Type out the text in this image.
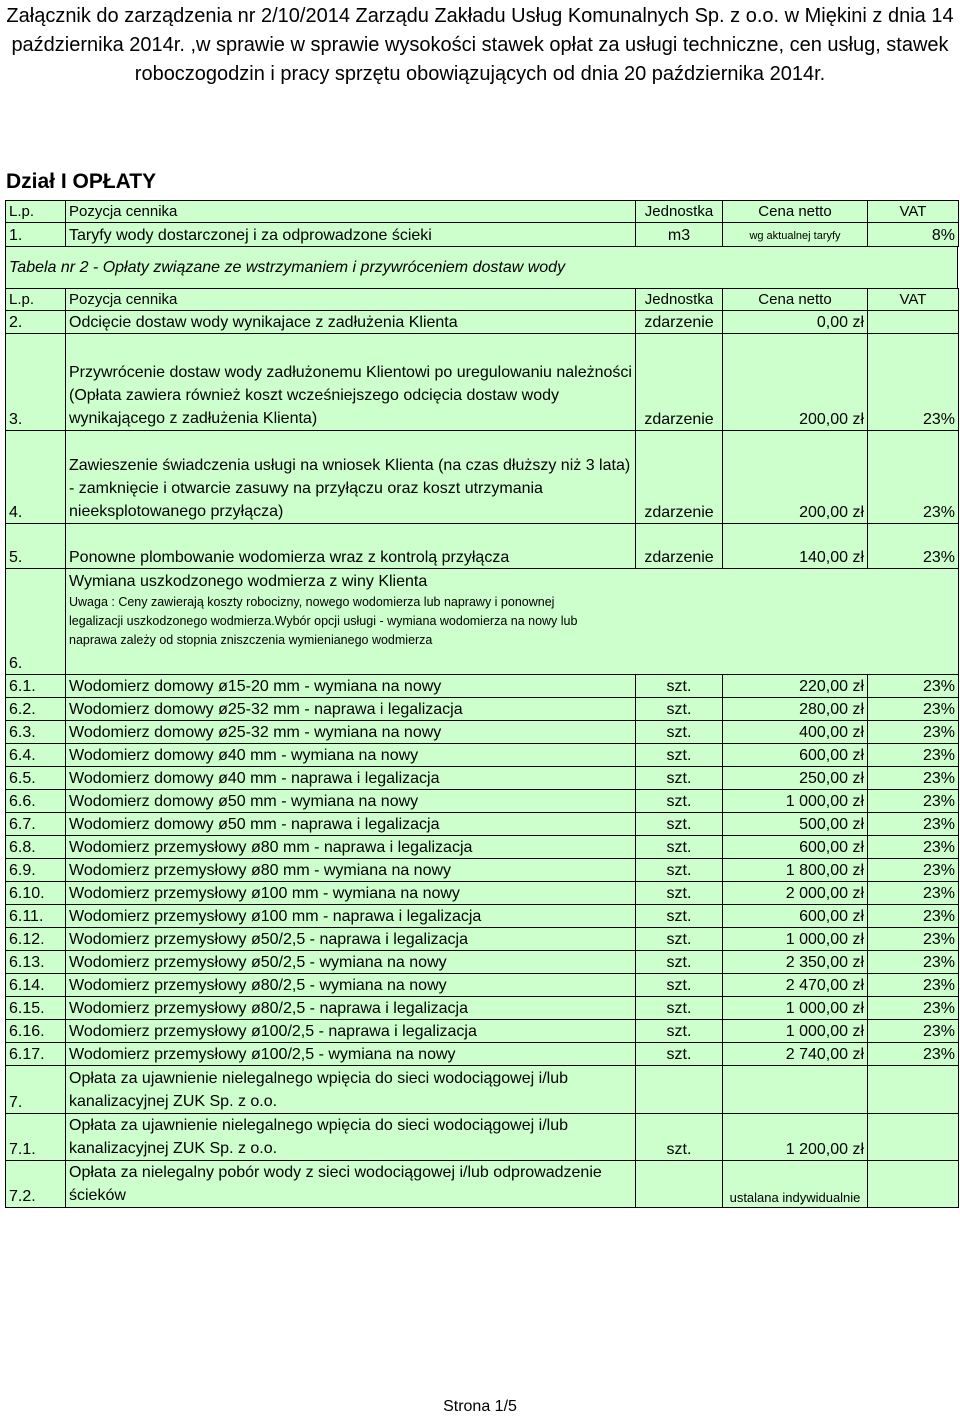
Załącznik do zarządzenia nr 2/10/2014 Zarządu Zakładu Usług Komunalnych Sp. z o.o. w Miękini z dnia 14 października 2014r. ,w sprawie w sprawie wysokości stawek opłat za usługi techniczne, cen usług, stawek roboczogodzin i pracy sprzętu obowiązujących od dnia 20 października 2014r.
Dział I OPŁATY
L.p.	Pozycja cennika	Jednostka	Cena netto	VAT
1.	Taryfy wody dostarczonej i za odprowadzone ścieki	m3	wg aktualnej taryfy	8%
Tabela nr 2 - Opłaty związane ze wstrzymaniem i przywróceniem dostaw wody
L.p.	Pozycja cennika	Jednostka	Cena netto	VAT
2.	Odcięcie dostaw wody wynikajace z zadłużenia Klienta	zdarzenie	0,00 zł	
3.	Przywrócenie dostaw wody zadłużonemu Klientowi po uregulowaniu należności (Opłata zawiera również koszt wcześniejszego odcięcia dostaw wody wynikającego z zadłużenia Klienta)	zdarzenie	200,00 zł	23%
4.	Zawieszenie świadczenia usługi na wniosek Klienta (na czas dłuższy niż 3 lata) - zamknięcie i otwarcie zasuwy na przyłączu oraz koszt utrzymania nieeksplotowanego przyłącza)	zdarzenie	200,00 zł	23%
5.	Ponowne plombowanie wodomierza wraz z kontrolą przyłącza	zdarzenie	140,00 zł	23%
6.	Wymiana uszkodzonego wodmierza z winy Klienta
Uwaga : Ceny zawierają koszty robocizny, nowego wodomierza lub naprawy i ponownej legalizacji uszkodzonego wodmierza.Wybór opcji usługi - wymiana wodomierza na nowy lub naprawa zależy od stopnia zniszczenia wymienianego wodmierza			

6.1.	Wodomierz domowy ø15-20 mm - wymiana na nowy	szt.	220,00 zł	23%
6.2.	Wodomierz domowy ø25-32 mm - naprawa i legalizacja	szt.	280,00 zł	23%
6.3.	Wodomierz domowy ø25-32 mm - wymiana na nowy	szt.	400,00 zł	23%
6.4.	Wodomierz domowy ø40 mm - wymiana na nowy	szt.	600,00 zł	23%
6.5.	Wodomierz domowy ø40 mm - naprawa i legalizacja	szt.	250,00 zł	23%
6.6.	Wodomierz domowy ø50 mm - wymiana na nowy	szt.	1 000,00 zł	23%
6.7.	Wodomierz domowy ø50 mm - naprawa i legalizacja	szt.	500,00 zł	23%
6.8.	Wodomierz przemysłowy ø80 mm - naprawa i legalizacja	szt.	600,00 zł	23%
6.9.	Wodomierz przemysłowy ø80 mm - wymiana na nowy	szt.	1 800,00 zł	23%
6.10.	Wodomierz przemysłowy ø100 mm - wymiana na nowy	szt.	2 000,00 zł	23%
6.11.	Wodomierz przemysłowy ø100 mm - naprawa i legalizacja	szt.	600,00 zł	23%
6.12.	Wodomierz przemysłowy ø50/2,5 - naprawa i legalizacja	szt.	1 000,00 zł	23%
6.13.	Wodomierz przemysłowy ø50/2,5 - wymiana na nowy	szt.	2 350,00 zł	23%
6.14.	Wodomierz przemysłowy ø80/2,5 - wymiana na nowy	szt.	2 470,00 zł	23%
6.15.	Wodomierz przemysłowy ø80/2,5 - naprawa i legalizacja	szt.	1 000,00 zł	23%
6.16.	Wodomierz przemysłowy ø100/2,5 - naprawa i legalizacja	szt.	1 000,00 zł	23%
6.17.	Wodomierz przemysłowy ø100/2,5 - wymiana na nowy	szt.	2 740,00 zł	23%
7.	Opłata za ujawnienie nielegalnego wpięcia do sieci wodociągowej i/lub kanalizacyjnej ZUK Sp. z o.o.			
7.1.	Opłata za ujawnienie nielegalnego wpięcia do sieci wodociągowej i/lub kanalizacyjnej ZUK Sp. z o.o.	szt.	1 200,00 zł	
7.2.	Opłata za nielegalny pobór wody z sieci wodociągowej i/lub odprowadzenie ścieków		ustalana indywidualnie	
Strona 1/5
